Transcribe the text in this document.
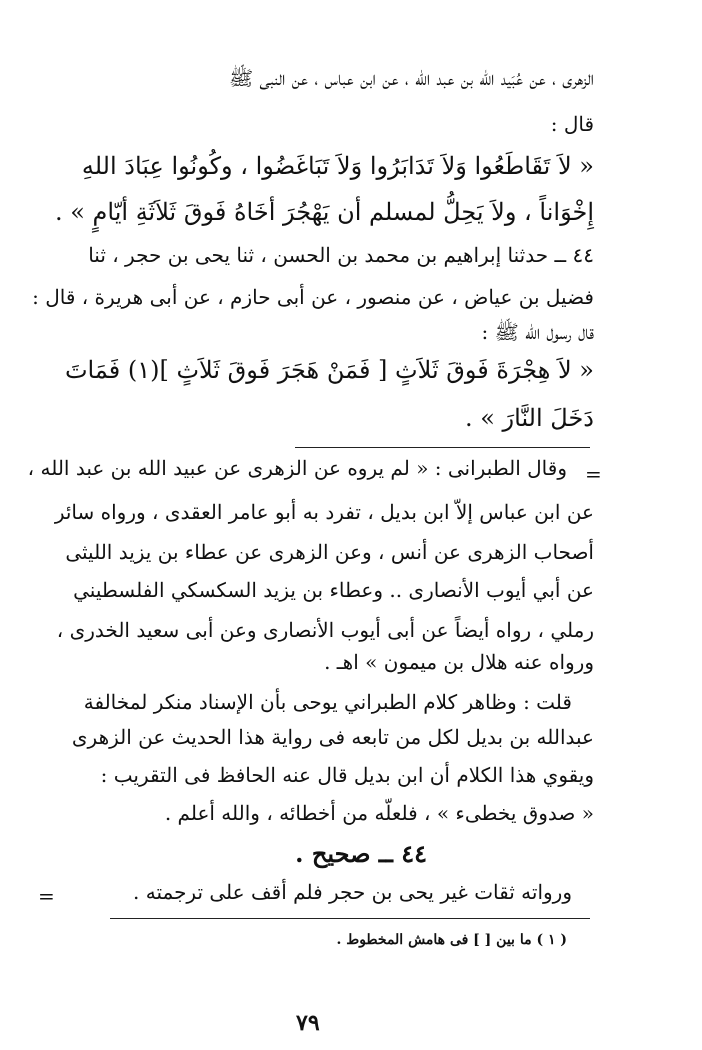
الزهرى ، عن عُبَيد الله بن عبد الله ، عن ابن عباس ، عن النبى ﷺ
قال :
« لاَ تَقَاطَعُوا وَلاَ تَدَابَرُوا وَلاَ تَبَاغَضُوا ، وكُونُوا عِبَادَ اللهِ
إِخْوَاناً ، ولاَ يَحِلُّ لمسلم أن يَهْجُرَ أخَاهُ فَوقَ ثَلاَثَةِ أيّامٍ » .
٤٤ ــ حدثنا إبراهيم بن محمد بن الحسن ، ثنا يحى بن حجر ، ثنا
فضيل بن عياض ، عن منصور ، عن أبى حازم ، عن أبى هريرة ، قال :
قال رسول الله ﷺ :
« لاَ هِجْرَةَ فَوقَ ثَلاَثٍ [ فَمَنْ هَجَرَ فَوقَ ثَلاَثٍ ](١) فَمَاتَ
دَخَلَ النَّارَ » .
=
وقال الطبرانى : « لم يروه عن الزهرى عن عبيد الله بن عبد الله ،
عن ابن عباس إلاّ ابن بديل ، تفرد به أبو عامر العقدى ، ورواه سائر
أصحاب الزهرى عن أنس ، وعن الزهرى عن عطاء بن يزيد الليثى
عن أبي أيوب الأنصارى .. وعطاء بن يزيد السكسكي الفلسطيني
رملي ، رواه أيضاً عن أبى أيوب الأنصارى وعن أبى سعيد الخدرى ،
ورواه عنه هلال بن ميمون » اهـ .
قلت : وظاهر كلام الطبراني يوحى بأن الإسناد منكر لمخالفة
عبدالله بن بديل لكل من تابعه فى رواية هذا الحديث عن الزهرى
ويقوي هذا الكلام أن ابن بديل قال عنه الحافظ فى التقريب :
« صدوق يخطىء » ، فلعلّه من أخطائه ، والله أعلم .
٤٤ ــ صحيح .
ورواته ثقات غير يحى بن حجر فلم أقف على ترجمته .
=
( ١ ) ما بين [ ] فى هامش المخطوط .
٧٩
